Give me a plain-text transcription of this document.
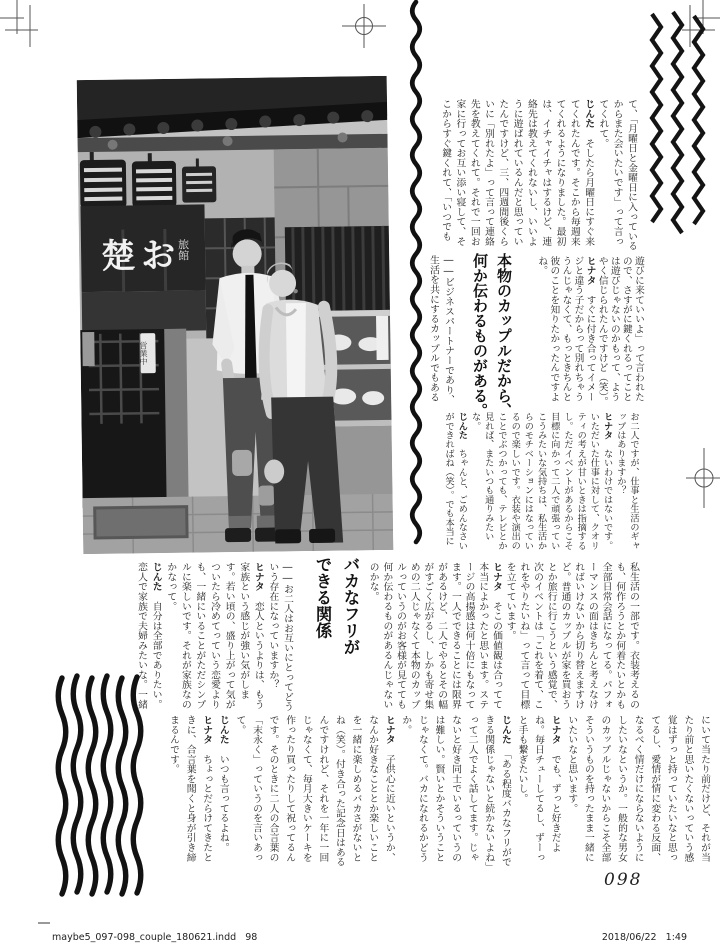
楚 お 旅館
営業中	本物のカップルだから、何か伝わるものがある。
――ビジネスパートナーであり、生活を共にするカップルでもある

て、「月曜日と金曜日に入っているからまた会いたいです」って言ってくれて。

じんた　そしたら月曜日にすぐ来てくれたんです。そこから毎週来てくれるようになりました。最初は、イチャイチャはするけど、連絡先は教えてくれないし、いいように遊ばれているんだと思っていたんですけど、三、四週間後くらいに「別れたよ」って言って連絡先を教えてくれて。それで一回お家に行ってお互い添い寝して、そこからすぐ鍵くれて、「いつでも

遊びに来ていいよ」って言われたので、さすがに鍵くれるってことは遊びじゃないのかもって、ようやく信じられたんですけど（笑）。

ヒナタ　すぐに付き合ってイメージと違う子だからって別れちゃううんじゃなくて、もっときちんと彼のことを知りたかったんですよね。

お二人ですが、仕事と生活のギャップはありますか？

ヒナタ　ないわけではないです。いただいた仕事に対して、クオリティの考えが甘いときは指摘するし。ただイベントがあるからこそ目標に向かって二人で頑張っていこうみたいな気持ちは、私生活からのモチベーションにはなっているので楽しいです。衣装や演出のことでぶつかっても、テレビとか見れば、またいつも通りみたいな。

じんた　ちゃんと、ごめんなさいができればね（笑）。でも本当に

私生活の一部です。衣装考えるのも、何作ろうとか何着たいとかも全部日常会話になってる。パフォーマンスの面はきちんと考えなければいけないから切り替えますけど。普通のカップルが家を買おうとか旅行に行こうという感覚で、次のイベントは「これを着て、これをやりたいね」って言って目標を立てています。

ヒナタ　そこの価値観は合ってて本当によかったと思います。ステージの高揚感は何十倍にもなってます。一人でできることには限界があるけど、二人でやるとその幅がすごく広がるし、しかも寄せ集めの二人じゃなくて本物のカップルっていうのがお客様が見てても何か伝わるものがあるんじゃないのかな。

バカなフリができる関係

――お二人はお互いにとってどういう存在になっていますか？

ヒナタ　恋人というよりは、もう家族という感じが強い気がします。若い頃の、盛り上がって気がついたら冷めてっていう恋愛よりも、一緒にいることがただシンプルに楽しいです。それが家族なのかなって。

じんた　自分は全部でありたい。恋人で家族で夫婦みたいな。一緒

にいて当たり前だけど、それが当たり前と思いたくないっていう感覚はずっと持っていたいなと思ってるし、愛情が情に変わる反面、なるべく情だけにならないようにしたいなというか。一般的な男女のカップルじゃないからこそ全部そういうものを持ったまま一緒にいたいなと思います。

ヒナタ　でも、ずっと好きだよね。毎日チューしてるし、ずーっと手も繋ぎたいし。

じんた　「ある程度バカなフリができる関係じゃないと続かないよね」って二人でよく話してます。じゃないと好き同士でいるっていうのは難しい。賢いとかそういうことじゃなくて。バカになれるかどうか。

ヒナタ　子供心に近いというか、なんか好きなこととか楽しいことを一緒に楽しめるバカさがないとね（笑）。付き合った記念日はあるんですけれど、それを一年に一回じゃなくて、毎月大きいケーキを作ったり買ったりして祝ってるんです。そのときに二人の合言葉の「末永く」っていうのを言いあって。

じんた　いつも言ってるよね。

ヒナタ　ちょっとだらけてきたときに、合言葉を聞くと身が引き締まるんです。

098
maybe5_097-098_couple_180621.indd   98	2018/06/22   1:49
